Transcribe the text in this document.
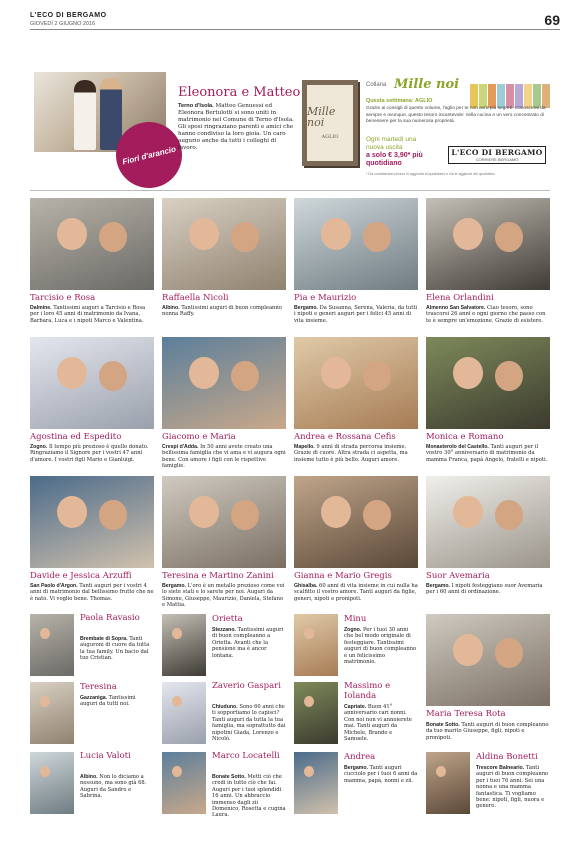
L'ECO DI BERGAMO
GIOVEDÌ 2 GIUGNO 2016	69
Fiori d'arancio
Eleonora e Matteo
Terno d'Isola. Matteo Genuessi ed Eleonora Bertulotti si sono uniti in matrimonio nel Comune di Terno d'Isola. Gli sposi ringraziano parenti e amici che hanno condiviso la loro gioia. Un caro augurio anche da tutti i colleghi di lavoro.
Mille noi
AGLIO
Collana Mille noi
Questa settimana: AGLIO
Grazie ai consigli di questo volume, l'aglio per te non avrà più segreti. Conoscerai da sempre e ovunque, questo tesoro incantevole: nella cucina e un vero concentrato di benessere per la sua numerosa proprietà.
Ogni martedì una nuova uscita
a solo € 3,90* più quotidiano
L'ECO DI BERGAMO
CORRIERE BERGAMO
* Da considerarsi prezzo in aggiunta al quotidiano e via le aggiunte dei quotidiani.
Tarcisio e Rosa
Dalmine. Tantissimi auguri a Tarcisio e Rosa per i loro 45 anni di matrimonio da Ivana, Barbara, Luca e i nipoti Marco e Valentina.
Raffaella Nicoli
Albino. Tantissimi auguri di buon compleanno nonna Raffy.
Pia e Maurizio
Bergamo. Da Susanna, Serena, Valeria, da tutti i nipoti e generi auguri per i felici 45 anni di vita insieme.
Elena Orlandini
Almenno San Salvatore. Ciao tesoro, sono trascorsi 26 anni e ogni giorno che passo con te è sempre un'emozione. Grazie di esistere.
Agostina ed Espedito
Zogno. Il tempo più prezioso è quello donato. Ringraziamo il Signore per i vostri 47 anni d'amore. I vostri figli Mario e Gianluigi.
Giacomo e Maria
Crespi d'Adda. In 50 anni avete creato una bellissima famiglia che vi ama e vi augura ogni bene. Con amore i figli con le rispettive famiglie.
Andrea e Rossana Cefis
Mapello. 9 anni di strada percorsa insieme. Grazie di cuore. Altra strada ci aspetta, ma insieme tutto è più bello. Auguri amore.
Monica e Romano
Monasterolo del Castello. Tanti auguri per il vostro 30° anniversario di matrimonio da mamma Franca, papà Angelo, fratelli e nipoti.
Davide e Jessica Arzuffi
San Paolo d'Argon. Tanti auguri per i vostri 4 anni di matrimonio dal bellissimo frutto che ne è nato. Vi voglio bene. Thomas.
Teresina e Martino Zanini
Bergamo. L'oro è un metallo prezioso come voi lo siete stati e lo sarete per noi. Auguri da Simone, Giuseppe, Maurizio, Daniela, Stefano e Mattia.
Gianna e Mario Gregis
Ghisalba. 60 anni di vita insieme in cui nulla ha scalfitto il vostro amore. Tanti auguri da figlie, generi, nipoti e pronipoti.
Suor Avemaria
Bergamo. I nipoti festeggiano suor Avemaria per i 60 anni di ordinazione.
Paola Ravasio
Brembate di Sopra. Tanti auguroni di cuore da tutta la tua family. Un bacio dal tuo Cristian.
Teresina
Gazzaniga. Tantissimi auguri da tutti noi.
Lucia Valoti
Albino. Non lo diciamo a nessuno, ma sono già 68. Auguri da Sandro e Sabrina.
Orietta
Stezzano. Tantissimi auguri di buon compleanno a Orietta. Avanti che la pensione ina è ancor lontana.
Zaverio Gaspari
Chiuduno. Sono 60 anni che ti sopportiamo lo capisci? Tanti auguri da tutta la tua famiglia, ma soprattutto dai nipotini Giada, Lorenzo e Nicolò.
Marco Locatelli
Bonate Sotto. Metti ciò che credi in tutto ciò che fai. Auguri per i tuoi splendidi 16 anni. Un abbraccio immenso dagli zii Domenico, Rosetta e cugina Laura.
Minu
Zogno. Per i tuoi 30 anni che bel modo originale di festeggiare. Tantissimi auguri di buon compleanno e un felicissimo matrimonio.
Massimo e Iolanda
Capriate. Buon 41° anniversario cari nonni. Con noi non vi annoierete mai. Tanti auguri da Michele, Brando e Samuele.
Andrea
Bergamo. Tanti auguri cucciolo per i tuoi 6 anni da mamma, papà, nonni e zii.
Maria Teresa Rota
Bonate Sotto. Tanti auguri di buon compleanno da tuo marito Giuseppe, figli, nipoti e pronipoti.
Aldina Bonetti
Trescore Balneario. Tanti auguri di buon compleanno per i tuoi 76 anni. Sei una nonna e una mamma fantastica. Ti vogliamo bene: nipoti, figli, nuora e genero.
